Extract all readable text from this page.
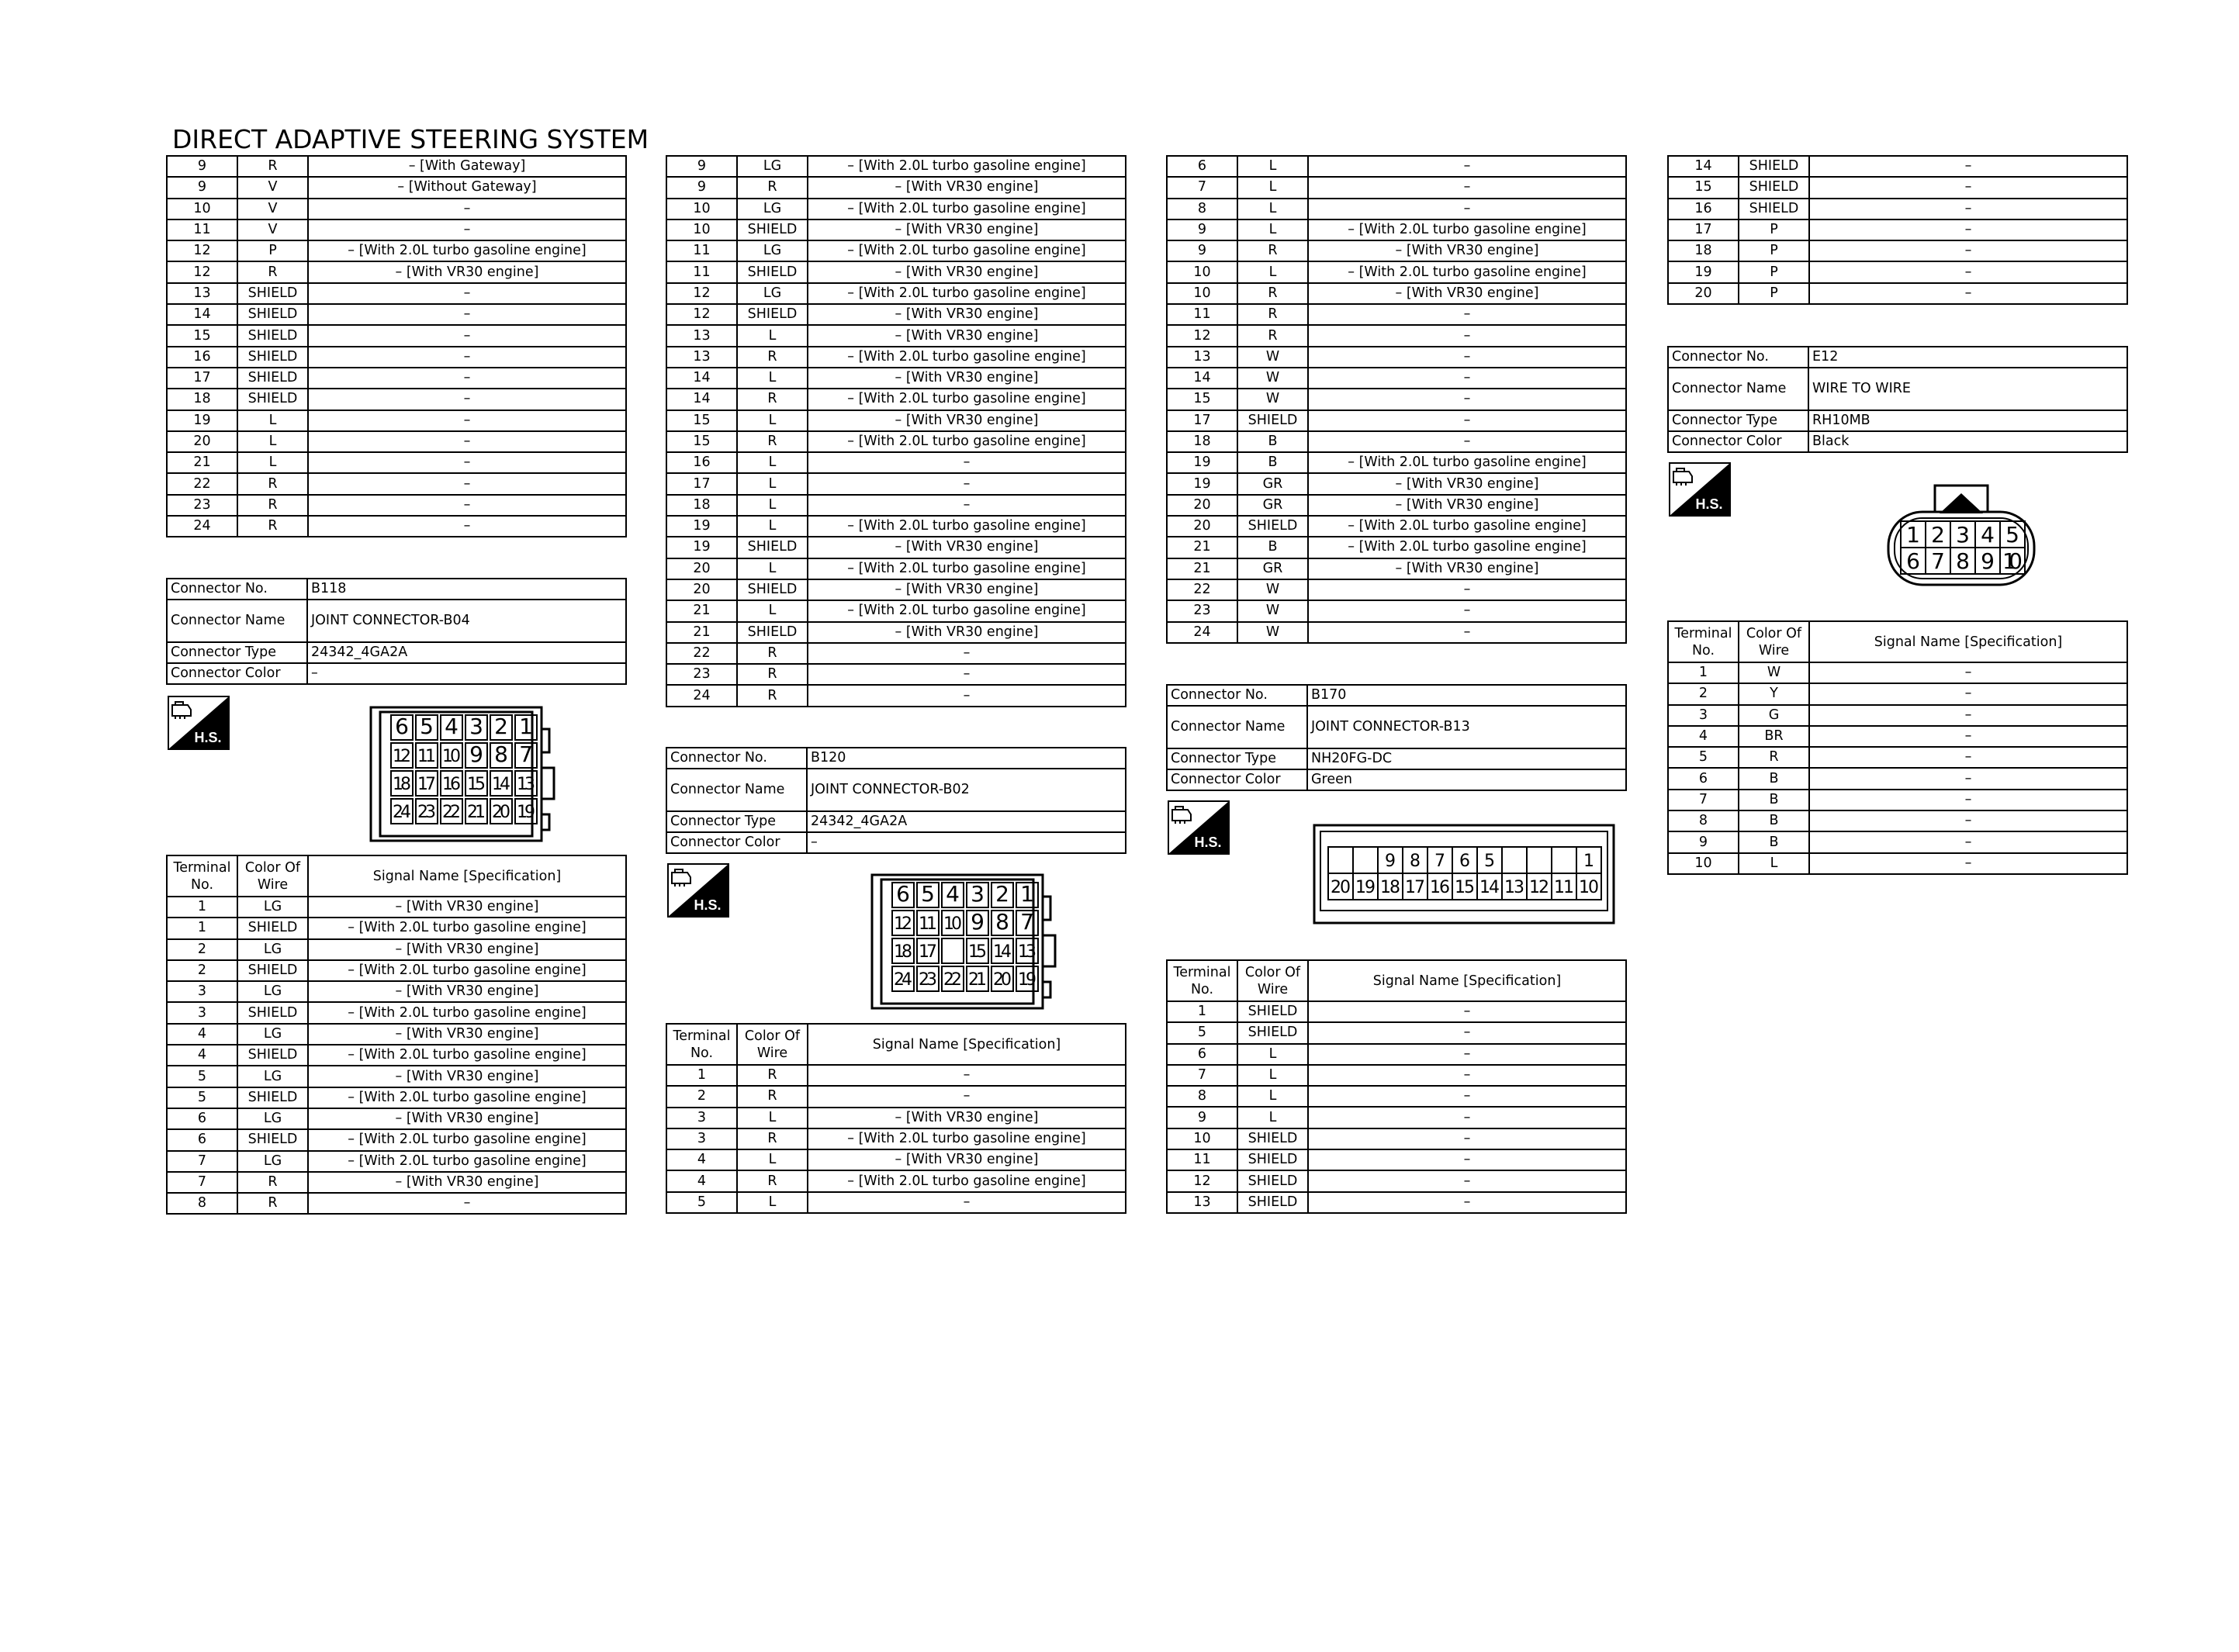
DIRECT ADAPTIVE STEERING SYSTEM
9	R	– [With Gateway]
9	V	– [Without Gateway]
10	V	–
11	V	–
12	P	– [With 2.0L turbo gasoline engine]
12	R	– [With VR30 engine]
13	SHIELD	–
14	SHIELD	–
15	SHIELD	–
16	SHIELD	–
17	SHIELD	–
18	SHIELD	–
19	L	–
20	L	–
21	L	–
22	R	–
23	R	–
24	R	–
Connector No.	B118
Connector Name	JOINT CONNECTOR-B04
Connector Type	24342_4GA2A
Connector Color	–
H.S.	6 5 4 3 2 1
12 11 10 9 8 7
18 17 16 15 14 13
24 23 22 21 20 19
Terminal No.	Color Of Wire	Signal Name [Specification]
1	LG	– [With VR30 engine]
1	SHIELD	– [With 2.0L turbo gasoline engine]
2	LG	– [With VR30 engine]
2	SHIELD	– [With 2.0L turbo gasoline engine]
3	LG	– [With VR30 engine]
3	SHIELD	– [With 2.0L turbo gasoline engine]
4	LG	– [With VR30 engine]
4	SHIELD	– [With 2.0L turbo gasoline engine]
5	LG	– [With VR30 engine]
5	SHIELD	– [With 2.0L turbo gasoline engine]
6	LG	– [With VR30 engine]
6	SHIELD	– [With 2.0L turbo gasoline engine]
7	LG	– [With 2.0L turbo gasoline engine]
7	R	– [With VR30 engine]
8	R	–
9	LG	– [With 2.0L turbo gasoline engine]
9	R	– [With VR30 engine]
10	LG	– [With 2.0L turbo gasoline engine]
10	SHIELD	– [With VR30 engine]
11	LG	– [With 2.0L turbo gasoline engine]
11	SHIELD	– [With VR30 engine]
12	LG	– [With 2.0L turbo gasoline engine]
12	SHIELD	– [With VR30 engine]
13	L	– [With VR30 engine]
13	R	– [With 2.0L turbo gasoline engine]
14	L	– [With VR30 engine]
14	R	– [With 2.0L turbo gasoline engine]
15	L	– [With VR30 engine]
15	R	– [With 2.0L turbo gasoline engine]
16	L	–
17	L	–
18	L	–
19	L	– [With 2.0L turbo gasoline engine]
19	SHIELD	– [With VR30 engine]
20	L	– [With 2.0L turbo gasoline engine]
20	SHIELD	– [With VR30 engine]
21	L	– [With 2.0L turbo gasoline engine]
21	SHIELD	– [With VR30 engine]
22	R	–
23	R	–
24	R	–
Connector No.	B120
Connector Name	JOINT CONNECTOR-B02
Connector Type	24342_4GA2A
Connector Color	–
H.S.	6 5 4 3 2 1
12 11 10 9 8 7
18 17 15 14 13
24 23 22 21 20 19
Terminal No.	Color Of Wire	Signal Name [Specification]
1	R	–
2	R	–
3	L	– [With VR30 engine]
3	R	– [With 2.0L turbo gasoline engine]
4	L	– [With VR30 engine]
4	R	– [With 2.0L turbo gasoline engine]
5	L	–
6	L	–
7	L	–
8	L	–
9	L	– [With 2.0L turbo gasoline engine]
9	R	– [With VR30 engine]
10	L	– [With 2.0L turbo gasoline engine]
10	R	– [With VR30 engine]
11	R	–
12	R	–
13	W	–
14	W	–
15	W	–
17	SHIELD	–
18	B	–
19	B	– [With 2.0L turbo gasoline engine]
19	GR	– [With VR30 engine]
20	GR	– [With VR30 engine]
20	SHIELD	– [With 2.0L turbo gasoline engine]
21	B	– [With 2.0L turbo gasoline engine]
21	GR	– [With VR30 engine]
22	W	–
23	W	–
24	W	–
Connector No.	B170
Connector Name	JOINT CONNECTOR-B13
Connector Type	NH20FG-DC
Connector Color	Green
H.S.
9 8 7 6 5	1
20 19 18 17 16 15 14 13 12 11 10
Terminal No.	Color Of Wire	Signal Name [Specification]
1	SHIELD	–
5	SHIELD	–
6	L	–
7	L	–
8	L	–
9	L	–
10	SHIELD	–
11	SHIELD	–
12	SHIELD	–
13	SHIELD	–
14	SHIELD	–
15	SHIELD	–
16	SHIELD	–
17	P	–
18	P	–
19	P	–
20	P	–
Connector No.	E12
Connector Name	WIRE TO WIRE
Connector Type	RH10MB
Connector Color	Black
H.S.
1 2 3 4 5
6 7 8 9 10
Terminal No.	Color Of Wire	Signal Name [Specification]
1	W	–
2	Y	–
3	G	–
4	BR	–
5	R	–
6	B	–
7	B	–
8	B	–
9	B	–
10	L	–
